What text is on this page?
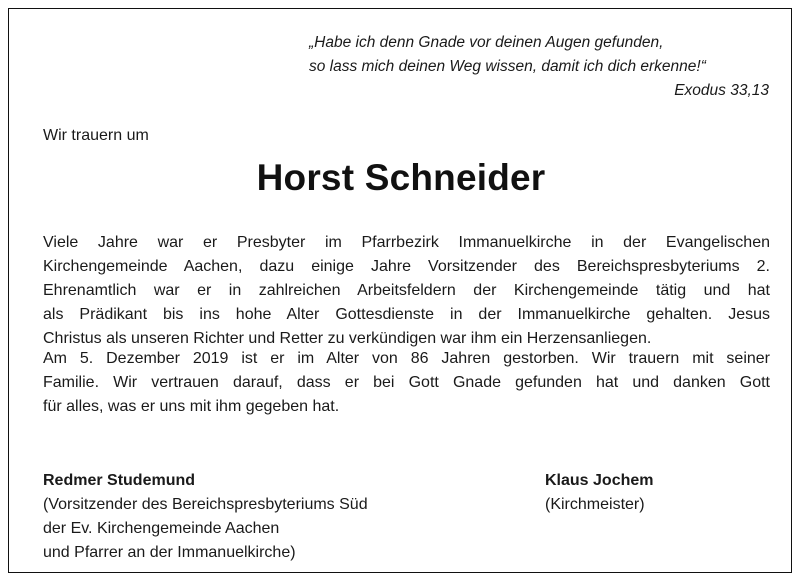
„Habe ich denn Gnade vor deinen Augen gefunden,
so lass mich deinen Weg wissen, damit ich dich erkenne!“
Exodus 33,13
Wir trauern um
Horst Schneider
Viele Jahre war er Presbyter im Pfarrbezirk Immanuelkirche in der Evangelischen
Kirchengemeinde Aachen, dazu einige Jahre Vorsitzender des Bereichspresbyteriums 2.
Ehrenamtlich war er in zahlreichen Arbeitsfeldern der Kirchengemeinde tätig und hat
als Prädikant bis ins hohe Alter Gottesdienste in der Immanuelkirche gehalten. Jesus
Christus als unseren Richter und Retter zu verkündigen war ihm ein Herzensanliegen.
Am 5. Dezember 2019 ist er im Alter von 86 Jahren gestorben. Wir trauern mit seiner
Familie. Wir vertrauen darauf, dass er bei Gott Gnade gefunden hat und danken Gott
für alles, was er uns mit ihm gegeben hat.
Redmer Studemund
(Vorsitzender des Bereichspresbyteriums Süd
der Ev. Kirchengemeinde Aachen
und Pfarrer an der Immanuelkirche)
Klaus Jochem
(Kirchmeister)
